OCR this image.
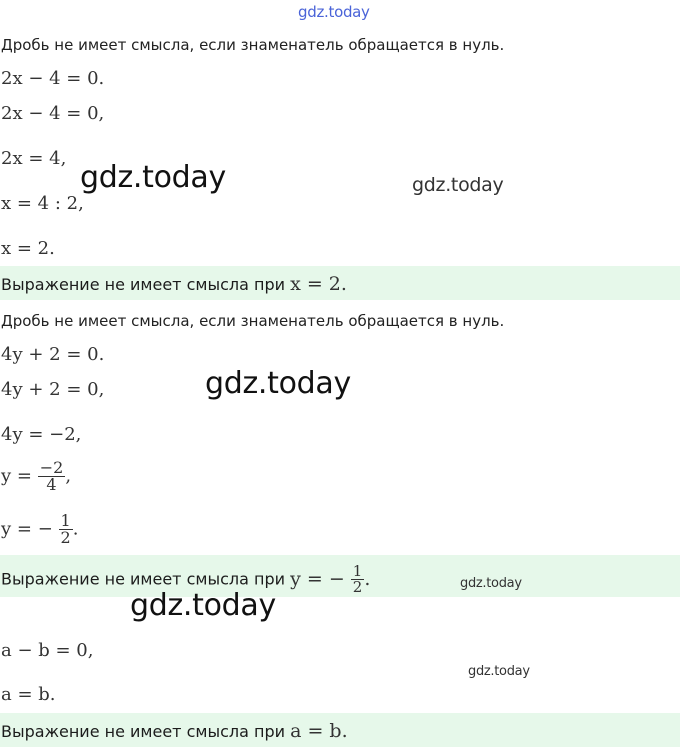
gdz.today
Дробь не имеет смысла, если знаменатель обращается в нуль.
2x − 4 = 0.
2x − 4 = 0,
2x = 4,
x = 4 : 2,
x = 2.
gdz.today	gdz.today
Выражение не имеет смысла при x = 2.
Дробь не имеет смысла, если знаменатель обращается в нуль.
4y + 2 = 0.
4y + 2 = 0,
4y = −2,
$y = \frac{-2}{4}$ ,
y = − $\frac{1}{2}$ .
gdz.today
Выражение не имеет смысла при y = − $\frac{1}{2}$ .	gdz.today
gdz.today
a − b = 0,
a = b.
gdz.today
Выражение не имеет смысла при a = b.
